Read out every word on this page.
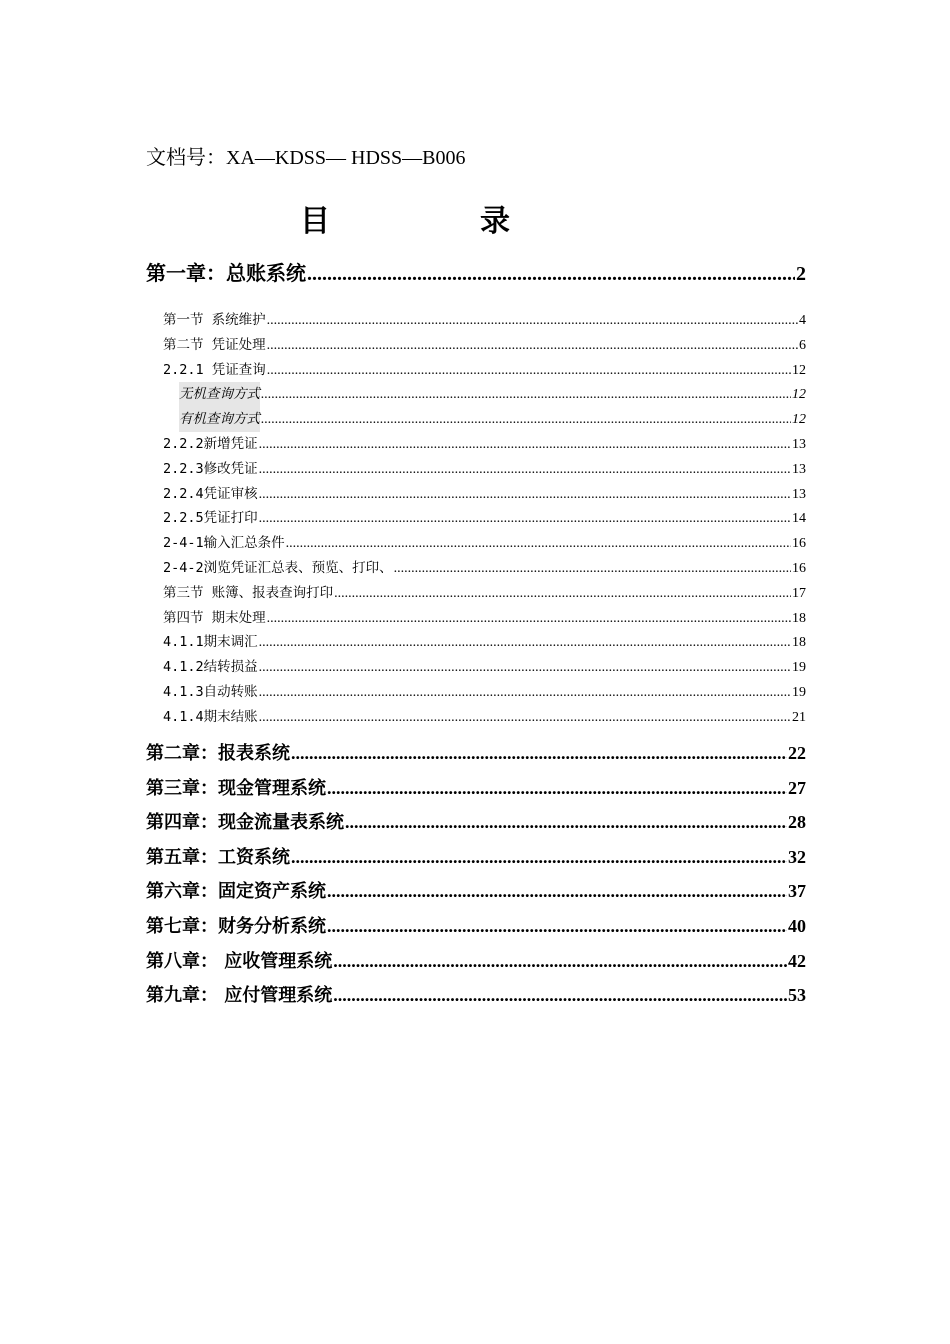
文档号：XA—KDSS— HDSS—B006
目	录
第一章：总账系统 .....	2
第一节 系统维护 .....	4
第二节 凭证处理 .....	6
2.2.1 凭证查询 .....	12
无机查询方式 .....	12
有机查询方式 .....	12
2.2.2新增凭证 .....	13
2.2.3修改凭证 .....	13
2.2.4凭证审核 .....	13
2.2.5凭证打印 .....	14
2-4-1输入汇总条件 .....	16
2-4-2浏览凭证汇总表、预览、打印、 .....	16
第三节 账簿、报表查询打印 .....	17
第四节 期末处理 .....	18
4.1.1期末调汇 .....	18
4.1.2结转损益 .....	19
4.1.3自动转账 .....	19
4.1.4期末结账 .....	21
第二章：报表系统 .....	22
第三章：现金管理系统 .....	27
第四章：现金流量表系统 .....	28
第五章：工资系统 .....	32
第六章：固定资产系统 .....	37
第七章：财务分析系统 .....	40
第八章： 应收管理系统 .....	42
第九章： 应付管理系统 .....	53
